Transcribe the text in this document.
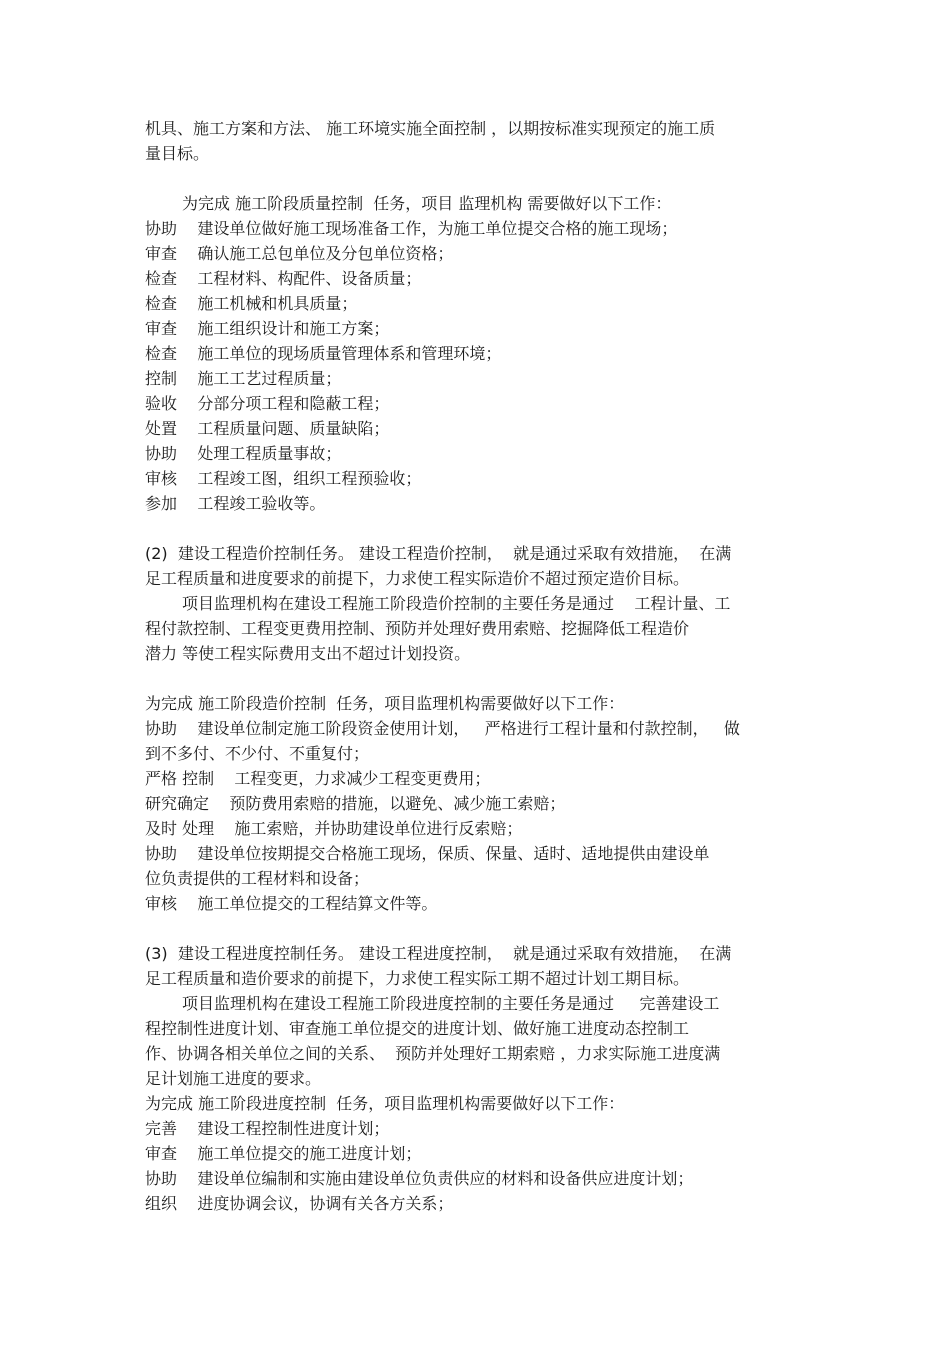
机具、施工方案和方法、 施工环境实施全面控制 ，以期按标准实现预定的施工质
量目标。
为完成 施工阶段质量控制  任务，项目 监理机构 需要做好以下工作：
协助    建设单位做好施工现场准备工作，为施工单位提交合格的施工现场；
审查    确认施工总包单位及分包单位资格；
检查    工程材料、构配件、设备质量；
检查    施工机械和机具质量；
审查    施工组织设计和施工方案；
检查    施工单位的现场质量管理体系和管理环境；
控制    施工工艺过程质量；
验收    分部分项工程和隐蔽工程；
处置    工程质量问题、质量缺陷；
协助    处理工程质量事故；
审核    工程竣工图，组织工程预验收；
参加    工程竣工验收等。
(2)  建设工程造价控制任务。 建设工程造价控制，  就是通过采取有效措施，  在满
足工程质量和进度要求的前提下，力求使工程实际造价不超过预定造价目标。
项目监理机构在建设工程施工阶段造价控制的主要任务是通过    工程计量、工
程付款控制、工程变更费用控制、预防并处理好费用索赔、挖掘降低工程造价
潜力 等使工程实际费用支出不超过计划投资。
为完成 施工阶段造价控制  任务，项目监理机构需要做好以下工作：
协助    建设单位制定施工阶段资金使用计划，   严格进行工程计量和付款控制，   做
到不多付、不少付、不重复付；
严格 控制    工程变更，力求减少工程变更费用；
研究确定    预防费用索赔的措施，以避免、减少施工索赔；
及时 处理    施工索赔，并协助建设单位进行反索赔；
协助    建设单位按期提交合格施工现场，保质、保量、适时、适地提供由建设单
位负责提供的工程材料和设备；
审核    施工单位提交的工程结算文件等。
(3)  建设工程进度控制任务。 建设工程进度控制，  就是通过采取有效措施，  在满
足工程质量和造价要求的前提下，力求使工程实际工期不超过计划工期目标。
项目监理机构在建设工程施工阶段进度控制的主要任务是通过     完善建设工
程控制性进度计划、审查施工单位提交的进度计划、做好施工进度动态控制工
作、协调各相关单位之间的关系、  预防并处理好工期索赔 ，力求实际施工进度满
足计划施工进度的要求。
为完成 施工阶段进度控制  任务，项目监理机构需要做好以下工作：
完善    建设工程控制性进度计划；
审查    施工单位提交的施工进度计划；
协助    建设单位编制和实施由建设单位负责供应的材料和设备供应进度计划；
组织    进度协调会议，协调有关各方关系；
